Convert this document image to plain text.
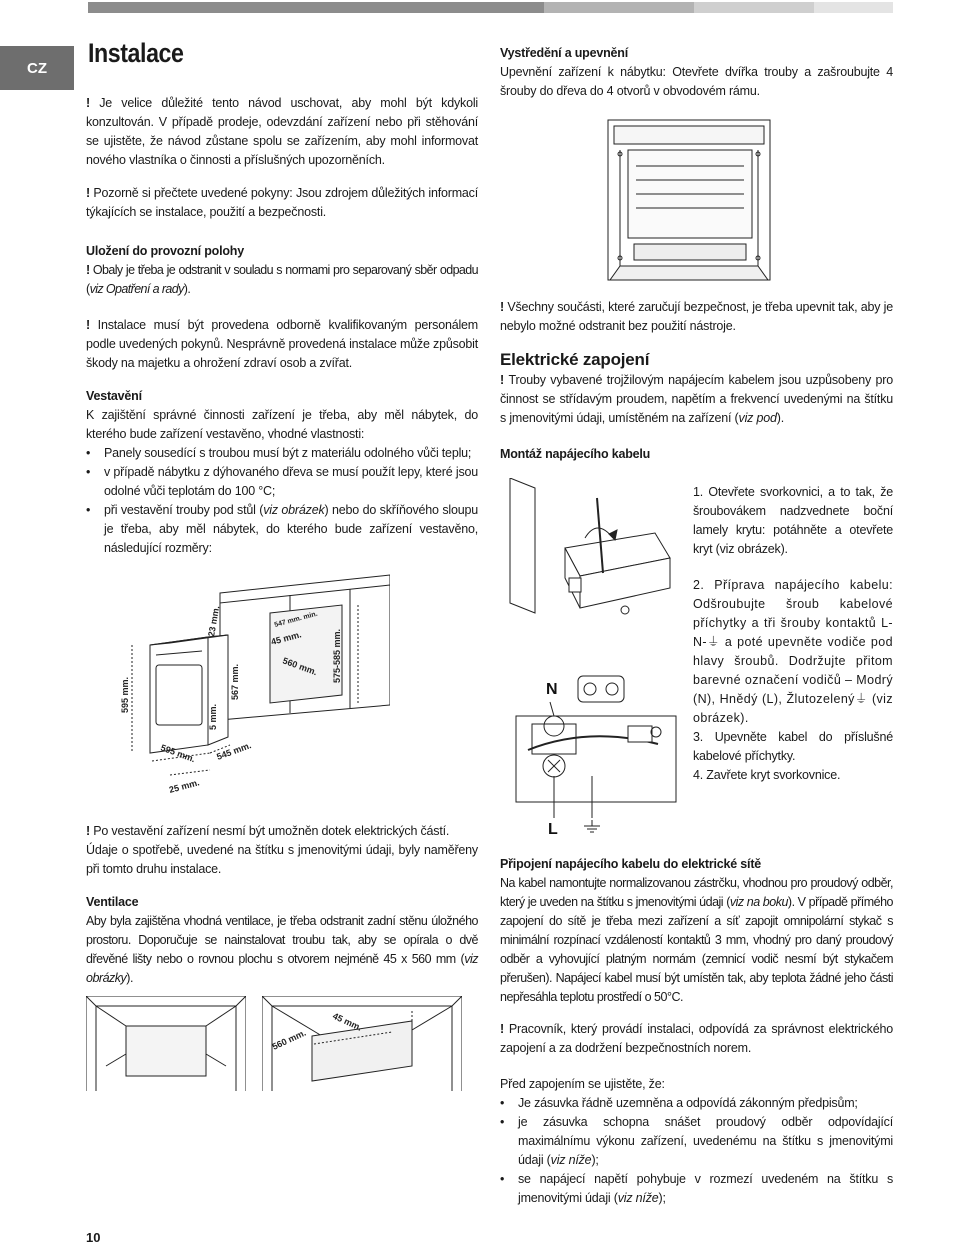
CZ Instalace
! Je velice důležité tento návod uschovat, aby mohl být kdykoli konzultován. V případě prodeje, odevzdání zařízení nebo při stěhování se ujistěte, že návod zůstane spolu se zařízením, aby mohl informovat nového vlastníka o činnosti a příslušných upozorněních.
! Pozorně si přečtete uvedené pokyny: Jsou zdrojem důležitých informací týkajících se instalace, použití a bezpečnosti.
Uložení do provozní polohy
! Obaly je třeba je odstranit v souladu s normami pro separovaný sběr odpadu (viz Opatření a rady).
! Instalace musí být provedena odborně kvalifikovaným personálem podle uvedených pokynů. Nesprávně provedená instalace může způsobit škody na majetku a ohrožení zdraví osob a zvířat.
Vestavění
K zajištění správné činnosti zařízení je třeba, aby měl nábytek, do kterého bude zařízení vestavěno, vhodné vlastnosti:
• Panely sousedící s troubou musí být z materiálu odolného vůči teplu;
• v případě nábytku z dýhovaného dřeva se musí použít lepy, které jsou odolné vůči teplotám do 100 °C;
• při vestavění trouby pod stůl (viz obrázek) nebo do skříňového sloupu je třeba, aby měl nábytek, do kterého bude zařízení vestavěno, následující rozměry:
595 mm.
23 mm.
567 mm.
5 mm.
595 mm. 545 mm.
25 mm.
547 mm. min.
45 mm.
560 mm. 575-585 mm.
! Po vestavění zařízení nesmí být umožněn dotek elektrických částí.
Údaje o spotřebě, uvedené na štítku s jmenovitými údaji, byly naměřeny při tomto druhu instalace.
Ventilace
Aby byla zajištěna vhodná ventilace, je třeba odstranit zadní stěnu úložného prostoru. Doporučuje se nainstalovat troubu tak, aby se opírala o dvě dřevěné lišty nebo o rovnou plochu s otvorem nejméně 45 x 560 mm (viz obrázky).
560 mm.
45 mm.
Vystředění a upevnění
Upevnění zařízení k nábytku: Otevřete dvířka trouby a zašroubujte 4 šrouby do dřeva do 4 otvorů v obvodovém rámu.
! Všechny součásti, které zaručují bezpečnost, je třeba upevnit tak, aby je nebylo možné odstranit bez použití nástroje.
Elektrické zapojení
! Trouby vybavené trojžilovým napájecím kabelem jsou uzpůsobeny pro činnost se střídavým proudem, napětím a frekvencí uvedenými na štítku s jmenovitými údaji, umístěném na zařízení (viz pod).
Montáž napájecího kabelu
1. Otevřete svorkovnici, a to tak, že šroubovákem nadzvednete boční lamely krytu: potáhněte a otevřete kryt (viz obrázek).
N
L
2. Příprava napájecího kabelu: Odšroubujte šroub kabelové příchytky a tři šrouby kontaktů L-N-⏚ a poté upevněte vodiče pod hlavy šroubů. Dodržujte přitom barevné označení vodičů – Modrý (N), Hnědý (L), Žlutozelený⏚ (viz obrázek).
3. Upevněte kabel do příslušné kabelové příchytky.
4. Zavřete kryt svorkovnice.
Připojení napájecího kabelu do elektrické sítě
Na kabel namontujte normalizovanou zástrčku, vhodnou pro proudový odběr, který je uveden na štítku s jmenovitými údaji (viz na boku). V případě přímého zapojení do sítě je třeba mezi zařízení a síť zapojit omnipolární stykač s minimální rozpínací vzdáleností kontaktů 3 mm, vhodný pro daný proudový odběr a vyhovující platným normám (zemnicí vodič nesmí být stykačem přerušen). Napájecí kabel musí být umístěn tak, aby teplota žádné jeho části nepřesáhla teplotu prostředí o 50°C.
! Pracovník, který provádí instalaci, odpovídá za správnost elektrického zapojení a za dodržení bezpečnostních norem.
Před zapojením se ujistěte, že:
• Je zásuvka řádně uzemněna a odpovídá zákonným předpisům;
• je zásuvka schopna snášet proudový odběr odpovídající maximálnímu výkonu zařízení, uvedenému na štítku s jmenovitými údaji (viz níže);
• se napájecí napětí pohybuje v rozmezí uvedeném na štítku s jmenovitými údaji (viz níže);
10
